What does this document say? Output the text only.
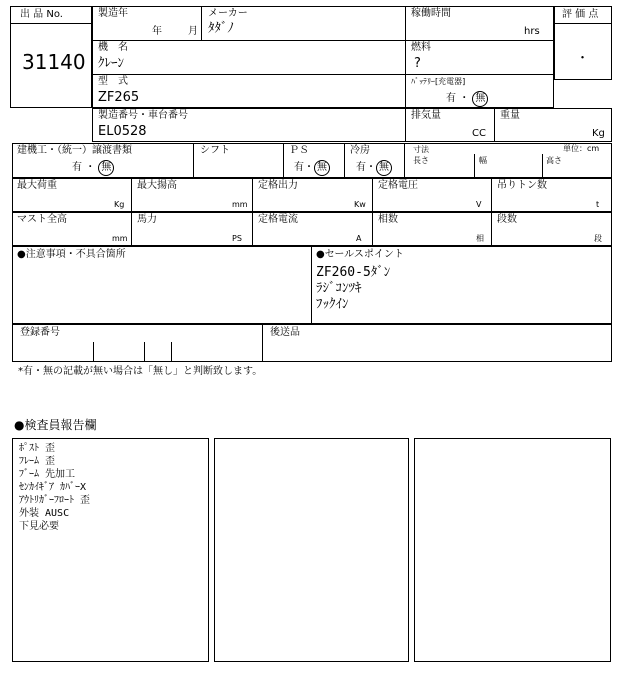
出 品 No.
31140
製造年
年	月
メーカー
ﾀﾀﾞﾉ
稼働時間
hrs
機　名
ｸﾚｰﾝ
燃料
?
型　式
ZF265
ﾊﾞｯﾃﾘｰ[充電器]
有 ・ 無
評 価 点
・
製造番号・車台番号
EL0528
排気量
CC
重量
Kg
建機工・（統一）譲渡書類
有 ・ 無
シフト	ＰＳ
有・ 無
冷房
有・ 無
寸法
長さ	幅	高さ
単位：cm
最大荷重
Kg
最大揚高
mm
定格出力
Kw
定格電圧
V
吊りトン数
t
マスト全高
mm
馬力
PS
定格電流
A
相数
相
段数
段
●注意事項・不具合箇所	●セールスポイント
ZF260-5ﾀﾞﾝ
ﾗｼﾞｺﾝﾂｷ
ﾌｯｸｲﾝ
登録番号	後送品
*有・無の記載が無い場合は「無し」と判断致します。
●検査員報告欄
ﾎﾟｽﾄ 歪
ﾌﾚｰﾑ 歪
ﾌﾞｰﾑ 先加工
ｾﾝｶｲｷﾞｱ ｶﾊﾞｰX
ｱｳﾄﾘｶﾞｰﾌﾛｰﾄ 歪
外装 AUSC
下見必要
